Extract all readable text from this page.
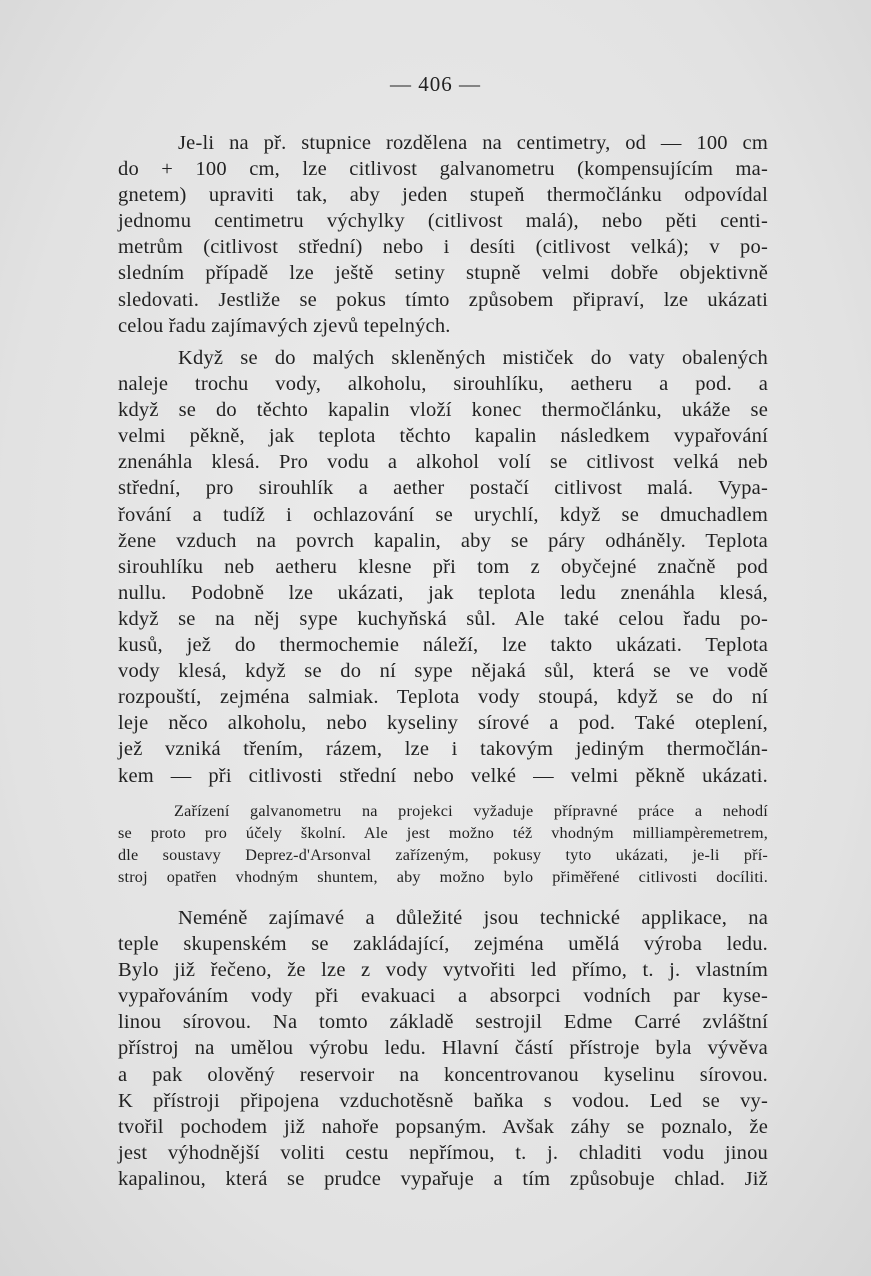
— 406 —
Je-li na př. stupnice rozdělena na centimetry, od — 100 cm
do + 100 cm, lze citlivost galvanometru (kompensujícím ma-
gnetem) upraviti tak, aby jeden stupeň thermočlánku odpovídal
jednomu centimetru výchylky (citlivost malá), nebo pěti centi-
metrům (citlivost střední) nebo i desíti (citlivost velká); v po-
sledním případě lze ještě setiny stupně velmi dobře objektivně
sledovati. Jestliže se pokus tímto způsobem připraví, lze ukázati
celou řadu zajímavých zjevů tepelných.
Když se do malých skleněných mističek do vaty obalených
naleje trochu vody, alkoholu, sirouhlíku, aetheru a pod. a
když se do těchto kapalin vloží konec thermočlánku, ukáže se
velmi pěkně, jak teplota těchto kapalin následkem vypařování
znenáhla klesá. Pro vodu a alkohol volí se citlivost velká neb
střední, pro sirouhlík a aether postačí citlivost malá. Vypa-
řování a tudíž i ochlazování se urychlí, když se dmuchadlem
žene vzduch na povrch kapalin, aby se páry odháněly. Teplota
sirouhlíku neb aetheru klesne při tom z obyčejné značně pod
nullu. Podobně lze ukázati, jak teplota ledu znenáhla klesá,
když se na něj sype kuchyňská sůl. Ale také celou řadu po-
kusů, jež do thermochemie náleží, lze takto ukázati. Teplota
vody klesá, když se do ní sype nějaká sůl, která se ve vodě
rozpouští, zejména salmiak. Teplota vody stoupá, když se do ní
leje něco alkoholu, nebo kyseliny sírové a pod. Také oteplení,
jež vzniká třením, rázem, lze i takovým jediným thermočlán-
kem — při citlivosti střední nebo velké — velmi pěkně ukázati.
Zařízení galvanometru na projekci vyžaduje přípravné práce a nehodí
se proto pro účely školní. Ale jest možno též vhodným milliampèremetrem,
dle soustavy Deprez-d'Arsonval zařízeným, pokusy tyto ukázati, je-li pří-
stroj opatřen vhodným shuntem, aby možno bylo přiměřené citlivosti docíliti.
Neméně zajímavé a důležité jsou technické applikace, na
teple skupenském se zakládající, zejména umělá výroba ledu.
Bylo již řečeno, že lze z vody vytvořiti led přímo, t. j. vlastním
vypařováním vody při evakuaci a absorpci vodních par kyse-
linou sírovou. Na tomto základě sestrojil Edme Carré zvláštní
přístroj na umělou výrobu ledu. Hlavní částí přístroje byla vývěva
a pak olověný reservoir na koncentrovanou kyselinu sírovou.
K přístroji připojena vzduchotěsně baňka s vodou. Led se vy-
tvořil pochodem již nahoře popsaným. Avšak záhy se poznalo, že
jest výhodnější voliti cestu nepřímou, t. j. chladiti vodu jinou
kapalinou, která se prudce vypařuje a tím způsobuje chlad. Již
